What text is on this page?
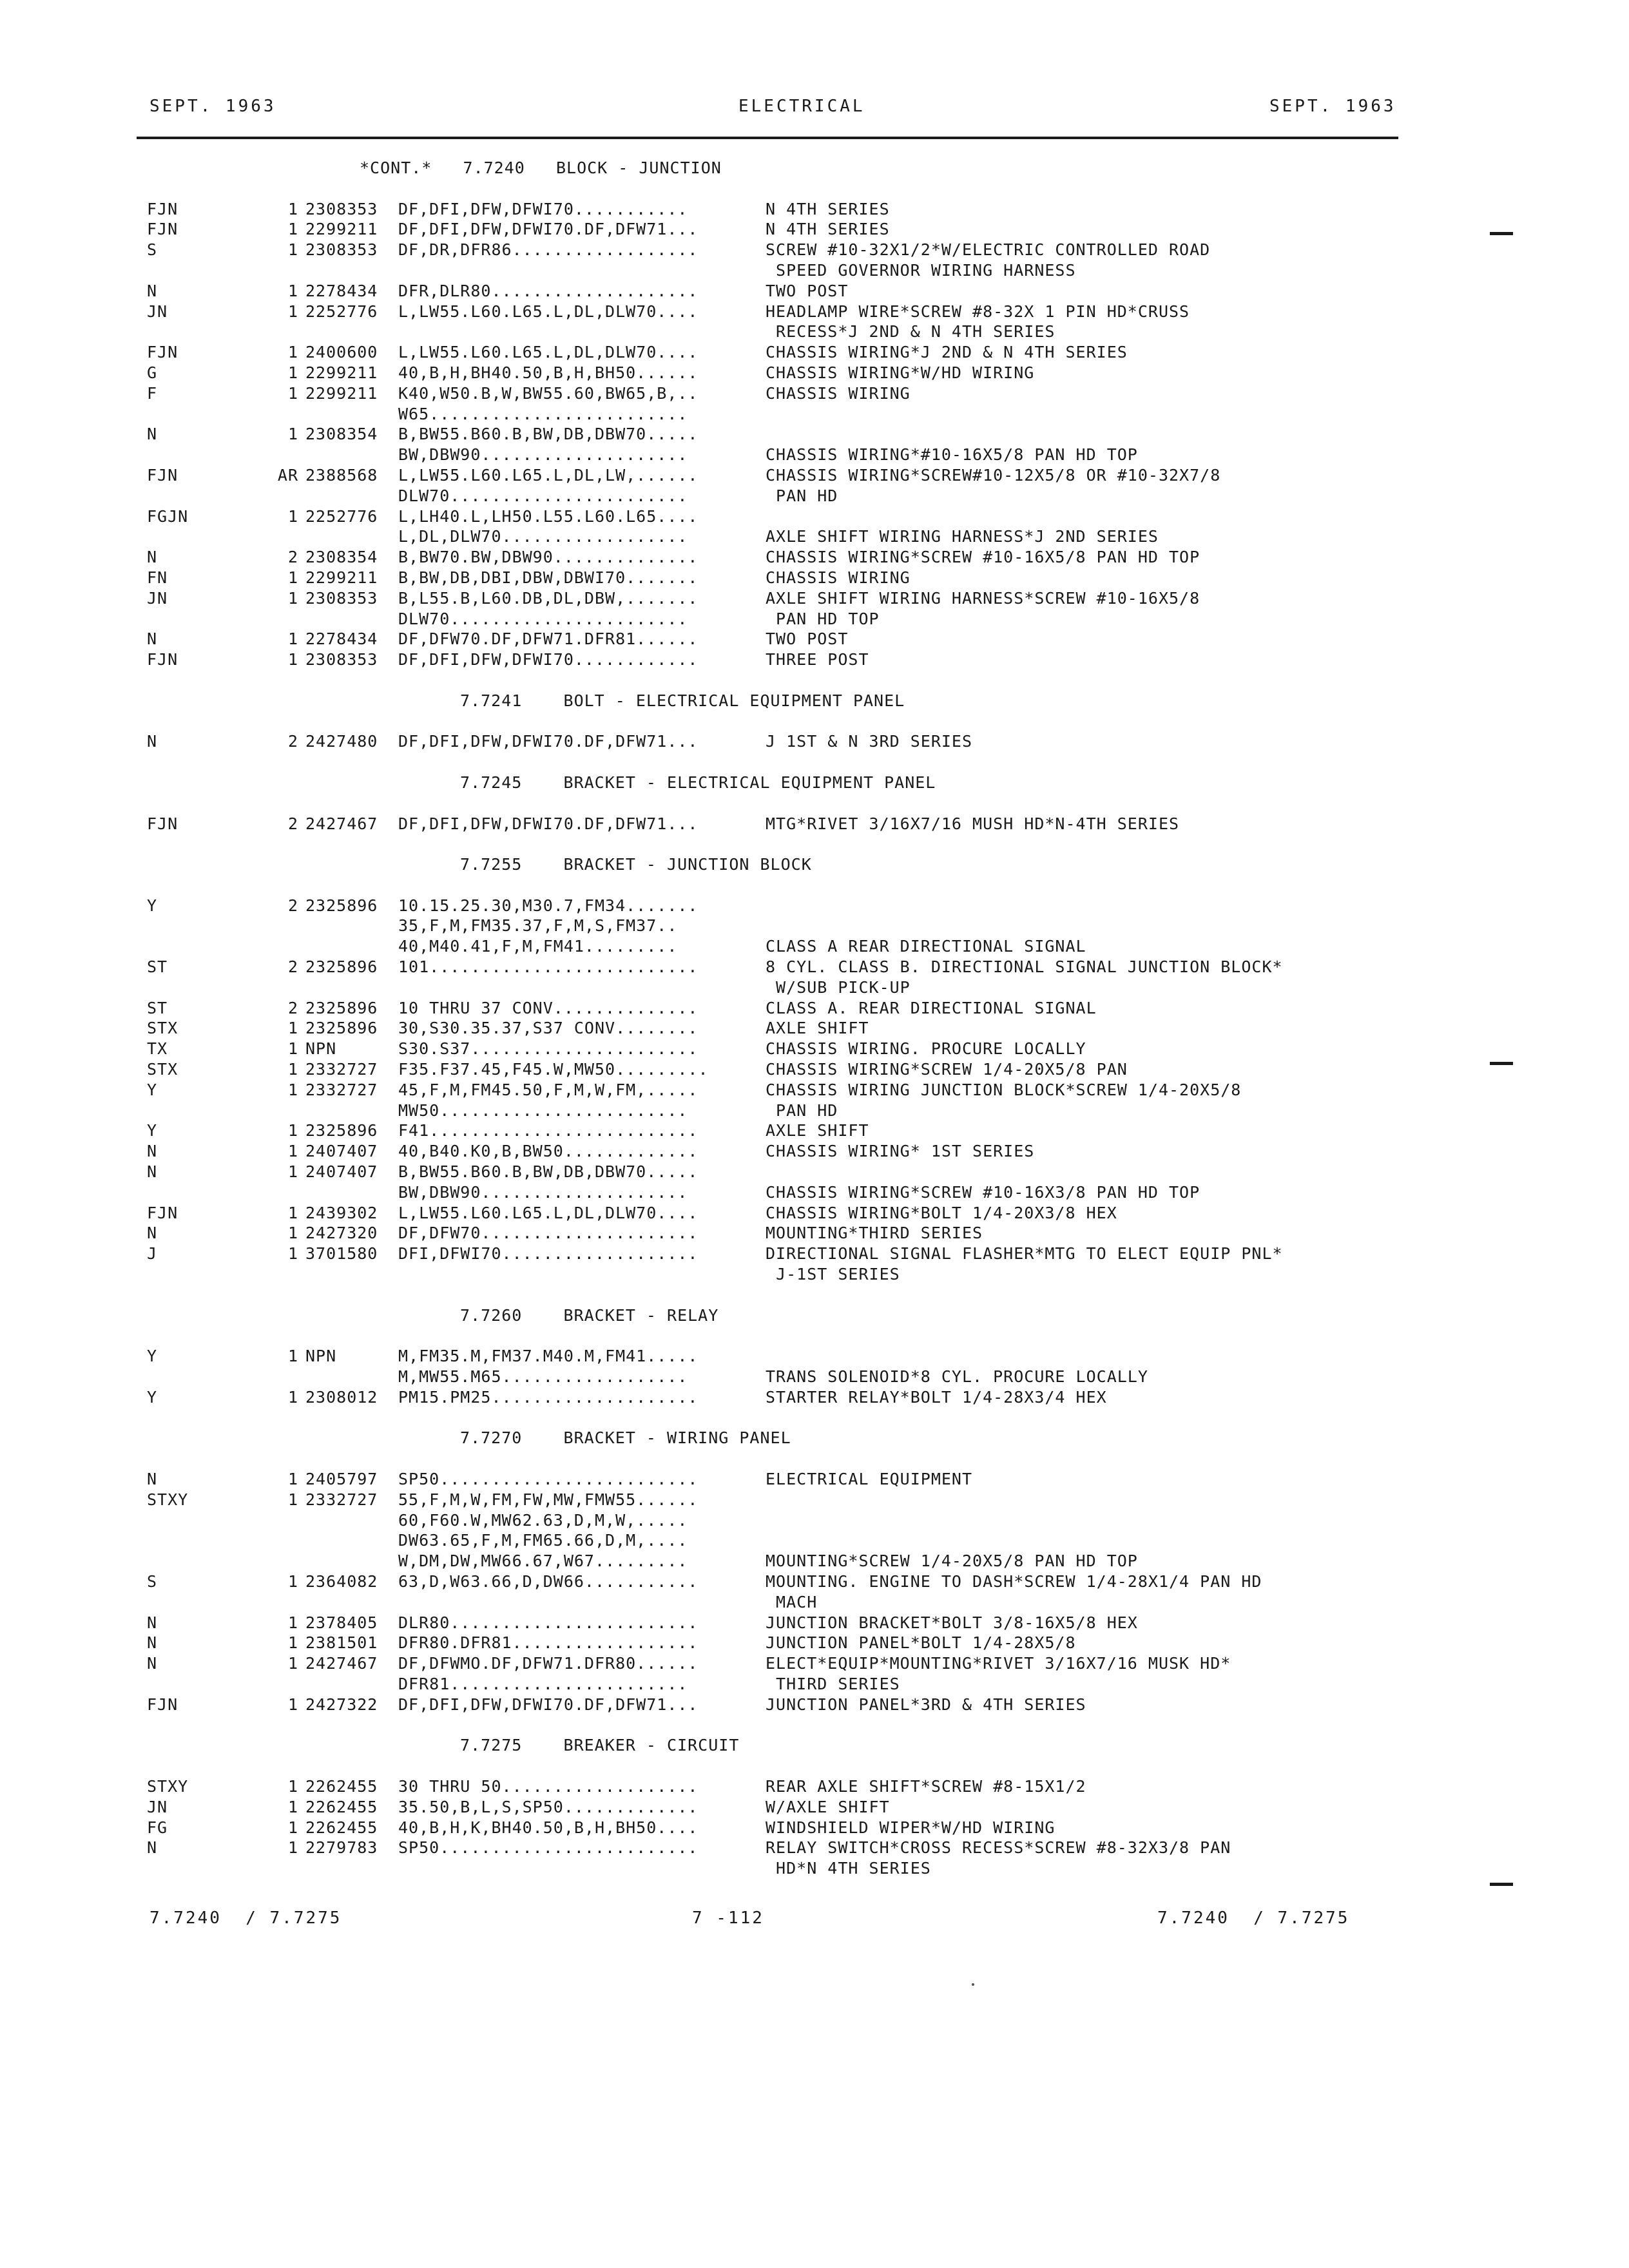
SEPT. 1963	ELECTRICAL	SEPT. 1963
*CONT.*   7.7240   BLOCK - JUNCTION
FJN	1 2308353 DF,DFI,DFW,DFWI70...........	N 4TH SERIES
FJN	1 2299211 DF,DFI,DFW,DFWI70.DF,DFW71...	N 4TH SERIES
S	1 2308353 DF,DR,DFR86..................	SCREW #10-32X1/2*W/ELECTRIC CONTROLLED ROAD
SPEED GOVERNOR WIRING HARNESS
N	1 2278434 DFR,DLR80....................	TWO POST
JN	1 2252776 L,LW55.L60.L65.L,DL,DLW70....	HEADLAMP WIRE*SCREW #8-32X 1 PIN HD*CRUSS
RECESS*J 2ND & N 4TH SERIES
FJN	1 2400600 L,LW55.L60.L65.L,DL,DLW70....	CHASSIS WIRING*J 2ND & N 4TH SERIES
G	1 2299211 40,B,H,BH40.50,B,H,BH50......	CHASSIS WIRING*W/HD WIRING
F	1 2299211 K40,W50.B,W,BW55.60,BW65,B,..	CHASSIS WIRING
W65.........................
N	1 2308354 B,BW55.B60.B,BW,DB,DBW70.....
BW,DBW90....................	CHASSIS WIRING*#10-16X5/8 PAN HD TOP
FJN	AR 2388568 L,LW55.L60.L65.L,DL,LW,......	CHASSIS WIRING*SCREW#10-12X5/8 OR #10-32X7/8
DLW70.......................	PAN HD
FGJN	1 2252776 L,LH40.L,LH50.L55.L60.L65....
L,DL,DLW70..................	AXLE SHIFT WIRING HARNESS*J 2ND SERIES
N	2 2308354 B,BW70.BW,DBW90..............	CHASSIS WIRING*SCREW #10-16X5/8 PAN HD TOP
FN	1 2299211 B,BW,DB,DBI,DBW,DBWI70.......	CHASSIS WIRING
JN	1 2308353 B,L55.B,L60.DB,DL,DBW,.......	AXLE SHIFT WIRING HARNESS*SCREW #10-16X5/8
DLW70.......................	PAN HD TOP
N	1 2278434 DF,DFW70.DF,DFW71.DFR81......	TWO POST
FJN	1 2308353 DF,DFI,DFW,DFWI70............	THREE POST
7.7241    BOLT - ELECTRICAL EQUIPMENT PANEL
N	2 2427480 DF,DFI,DFW,DFWI70.DF,DFW71...	J 1ST & N 3RD SERIES
7.7245    BRACKET - ELECTRICAL EQUIPMENT PANEL
FJN	2 2427467 DF,DFI,DFW,DFWI70.DF,DFW71...	MTG*RIVET 3/16X7/16 MUSH HD*N-4TH SERIES
7.7255    BRACKET - JUNCTION BLOCK
Y	2 2325896 10.15.25.30,M30.7,FM34.......
35,F,M,FM35.37,F,M,S,FM37..
40,M40.41,F,M,FM41.........	CLASS A REAR DIRECTIONAL SIGNAL
ST	2 2325896 101..........................	8 CYL. CLASS B. DIRECTIONAL SIGNAL JUNCTION BLOCK*
W/SUB PICK-UP
ST	2 2325896 10 THRU 37 CONV..............	CLASS A. REAR DIRECTIONAL SIGNAL
STX	1 2325896 30,S30.35.37,S37 CONV........	AXLE SHIFT
TX	1 NPN	S30.S37......................	CHASSIS WIRING. PROCURE LOCALLY
STX	1 2332727 F35.F37.45,F45.W,MW50.........	CHASSIS WIRING*SCREW 1/4-20X5/8 PAN
Y	1 2332727 45,F,M,FM45.50,F,M,W,FM,.....	CHASSIS WIRING JUNCTION BLOCK*SCREW 1/4-20X5/8
MW50........................	PAN HD
Y	1 2325896 F41..........................	AXLE SHIFT
N	1 2407407 40,B40.K0,B,BW50.............	CHASSIS WIRING* 1ST SERIES
N	1 2407407 B,BW55.B60.B,BW,DB,DBW70.....
BW,DBW90....................	CHASSIS WIRING*SCREW #10-16X3/8 PAN HD TOP
FJN	1 2439302 L,LW55.L60.L65.L,DL,DLW70....	CHASSIS WIRING*BOLT 1/4-20X3/8 HEX
N	1 2427320 DF,DFW70.....................	MOUNTING*THIRD SERIES
J	1 3701580 DFI,DFWI70...................	DIRECTIONAL SIGNAL FLASHER*MTG TO ELECT EQUIP PNL*
J-1ST SERIES
7.7260    BRACKET - RELAY
Y	1 NPN	M,FM35.M,FM37.M40.M,FM41.....
M,MW55.M65..................	TRANS SOLENOID*8 CYL. PROCURE LOCALLY
Y	1 2308012 PM15.PM25....................	STARTER RELAY*BOLT 1/4-28X3/4 HEX
7.7270    BRACKET - WIRING PANEL
N	1 2405797 SP50.........................	ELECTRICAL EQUIPMENT
STXY	1 2332727 55,F,M,W,FM,FW,MW,FMW55......
60,F60.W,MW62.63,D,M,W,.....
DW63.65,F,M,FM65.66,D,M,....
W,DM,DW,MW66.67,W67.........	MOUNTING*SCREW 1/4-20X5/8 PAN HD TOP
S	1 2364082 63,D,W63.66,D,DW66...........	MOUNTING. ENGINE TO DASH*SCREW 1/4-28X1/4 PAN HD
MACH
N	1 2378405 DLR80........................	JUNCTION BRACKET*BOLT 3/8-16X5/8 HEX
N	1 2381501 DFR80.DFR81..................	JUNCTION PANEL*BOLT 1/4-28X5/8
N	1 2427467 DF,DFWMO.DF,DFW71.DFR80......	ELECT*EQUIP*MOUNTING*RIVET 3/16X7/16 MUSK HD*
DFR81.......................	THIRD SERIES
FJN	1 2427322 DF,DFI,DFW,DFWI70.DF,DFW71...	JUNCTION PANEL*3RD & 4TH SERIES
7.7275    BREAKER - CIRCUIT
STXY	1 2262455 30 THRU 50...................	REAR AXLE SHIFT*SCREW #8-15X1/2
JN	1 2262455 35.50,B,L,S,SP50.............	W/AXLE SHIFT
FG	1 2262455 40,B,H,K,BH40.50,B,H,BH50....	WINDSHIELD WIPER*W/HD WIRING
N	1 2279783 SP50.........................	RELAY SWITCH*CROSS RECESS*SCREW #8-32X3/8 PAN
HD*N 4TH SERIES
7.7240  / 7.7275	7 -112	7.7240  / 7.7275
